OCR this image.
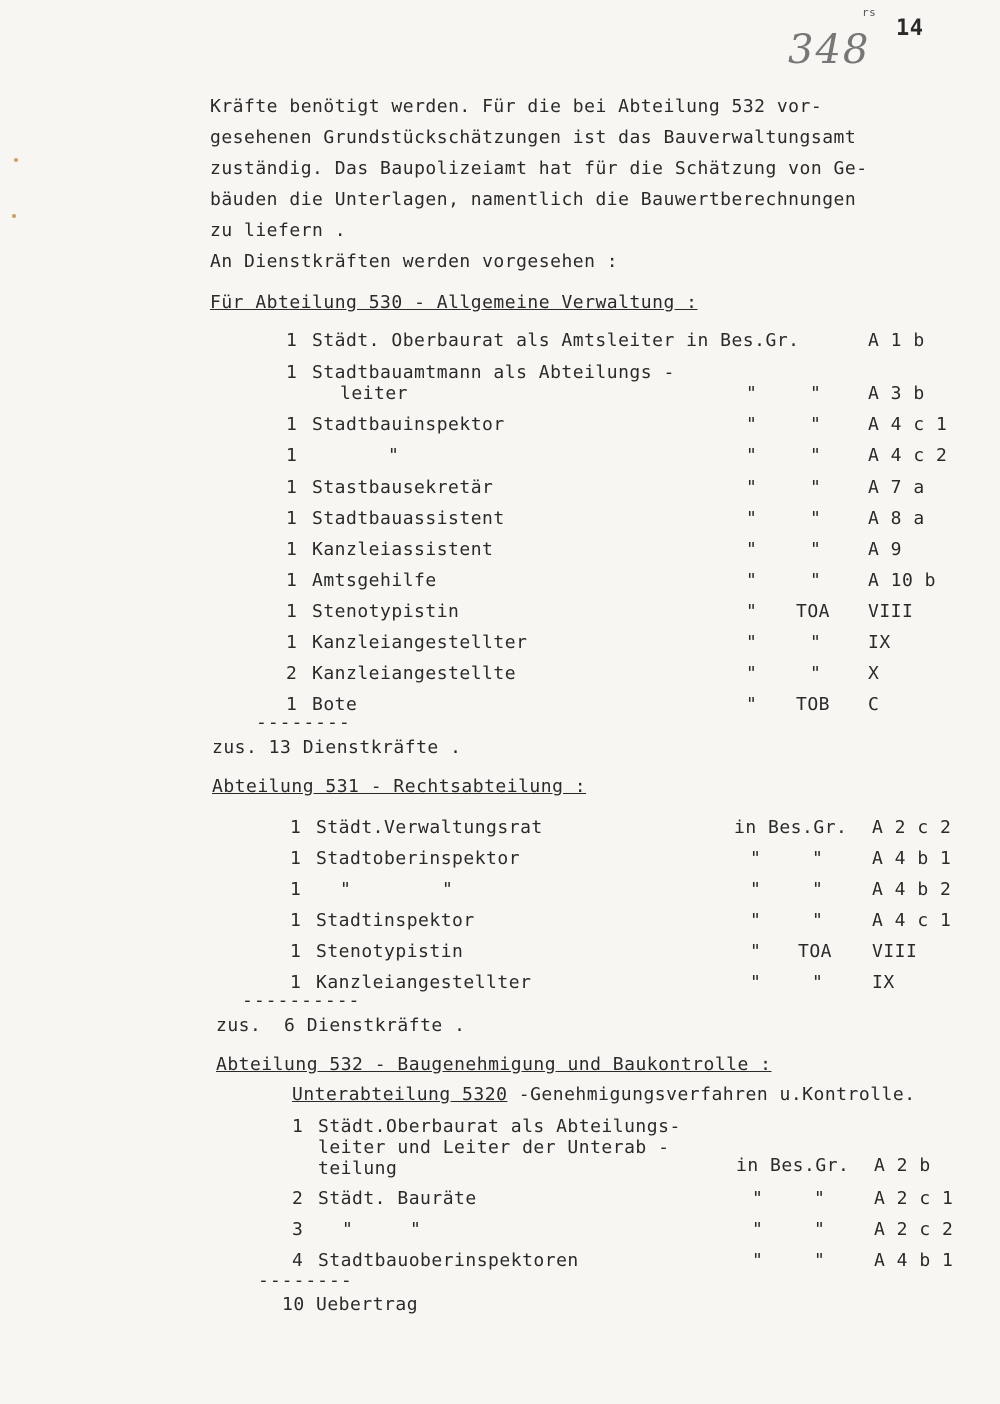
rs
348 14
Kräfte benötigt werden. Für die bei Abteilung 532 vor-
gesehenen Grundstückschätzungen ist das Bauverwaltungsamt
zuständig. Das Baupolizeiamt hat für die Schätzung von Ge-
bäuden die Unterlagen, namentlich die Bauwertberechnungen
zu liefern .
An Dienstkräften werden vorgesehen :
Für Abteilung 530 - Allgemeine Verwaltung :
1 Städt. Oberbaurat als Amtsleiter in Bes.Gr.	A 1 b
1 Stadtbauamtmann als Abteilungs -
leiter	"	"	A 3 b
1 Stadtbauinspektor	"	"	A 4 c 1
1	"	"	"	A 4 c 2
1 Stastbausekretär	"	"	A 7 a
1 Stadtbauassistent	"	"	A 8 a
1 Kanzleiassistent	"	"	A 9
1 Amtsgehilfe	"	"	A 10 b
1 Stenotypistin	" TOA VIII
1 Kanzleiangestellter	"	"	IX
2 Kanzleiangestellte	"	"	X
1 Bote	" TOB C
--------
zus. 13 Dienstkräfte .
Abteilung 531 - Rechtsabteilung :
1 Städt.Verwaltungsrat	in Bes.Gr. A 2 c 2
1 Stadtoberinspektor	"	"	A 4 b 1
1 "        "	"	"	A 4 b 2
1 Stadtinspektor	"	"	A 4 c 1
1 Stenotypistin	" TOA VIII
1 Kanzleiangestellter	"	"	IX
----------
zus.  6 Dienstkräfte .
Abteilung 532 - Baugenehmigung und Baukontrolle :
Unterabteilung 5320 -Genehmigungsverfahren u.Kontrolle.
1 Städt.Oberbaurat als Abteilungs-
leiter und Leiter der Unterab -
teilung	in Bes.Gr. A 2 b
2 Städt. Bauräte	"	"	A 2 c 1
3 "     "	"	"	A 2 c 2
4 Stadtbauoberinspektoren	"	"	A 4 b 1
--------
10 Uebertrag
